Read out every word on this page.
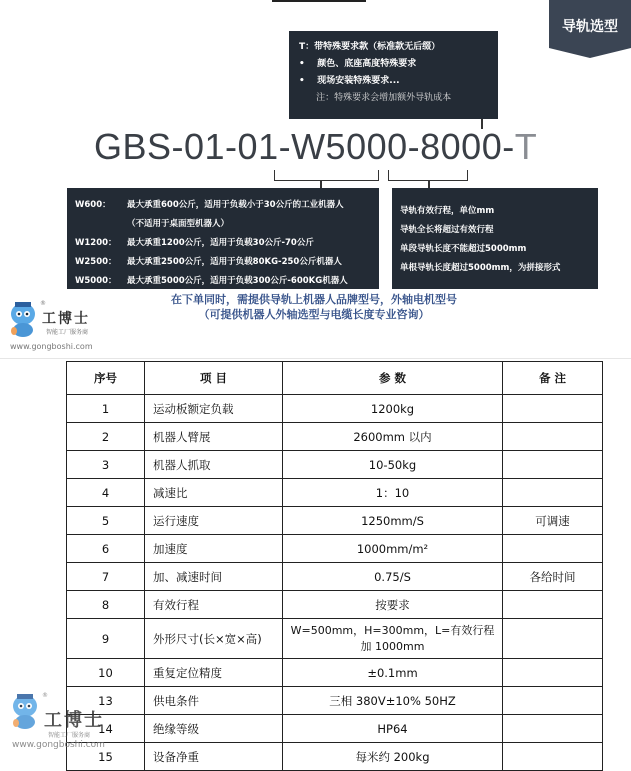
导轨选型
T：带特殊要求款（标准款无后缀）
•    颜色、底座高度特殊要求
•    现场安装特殊要求...
注：特殊要求会增加额外导轨成本
GBS-01-01-W5000-8000-T
W600：	最大承重600公斤，适用于负载小于30公斤的工业机器人
（不适用于桌面型机器人）
W1200：	最大承重1200公斤，适用于负载30公斤-70公斤
W2500：	最大承重2500公斤，适用于负载80KG-250公斤机器人
W5000：	最大承重5000公斤，适用于负载300公斤-600KG机器人
导轨有效行程，单位mm
导轨全长将超过有效行程
单段导轨长度不能超过5000mm
单根导轨长度超过5000mm，为拼接形式
在下单同时，需提供导轨上机器人品牌型号，外轴电机型号
（可提供机器人外轴选型与电缆长度专业咨询）
®
工博士
智能工厂服务商
www.gongboshi.com
序号	项 目	参 数	备 注
1	运动板额定负载	1200kg	
2	机器人臂展	2600mm 以内	
3	机器人抓取	10-50kg	
4	减速比	1：10	
5	运行速度	1250mm/S	可调速
6	加速度	1000mm/m²	
7	加、减速时间	0.75/S	各给时间
8	有效行程	按要求	
9	外形尺寸(长×宽×高)	W=500mm，H=300mm，L=有效行程加 1000mm	
10	重复定位精度	±0.1mm	
13	供电条件	三相 380V±10% 50HZ	
14	绝缘等级	HP64	
15	设备净重	每米约 200kg	
®
工博士
智能工厂服务商
www.gongboshi.com
